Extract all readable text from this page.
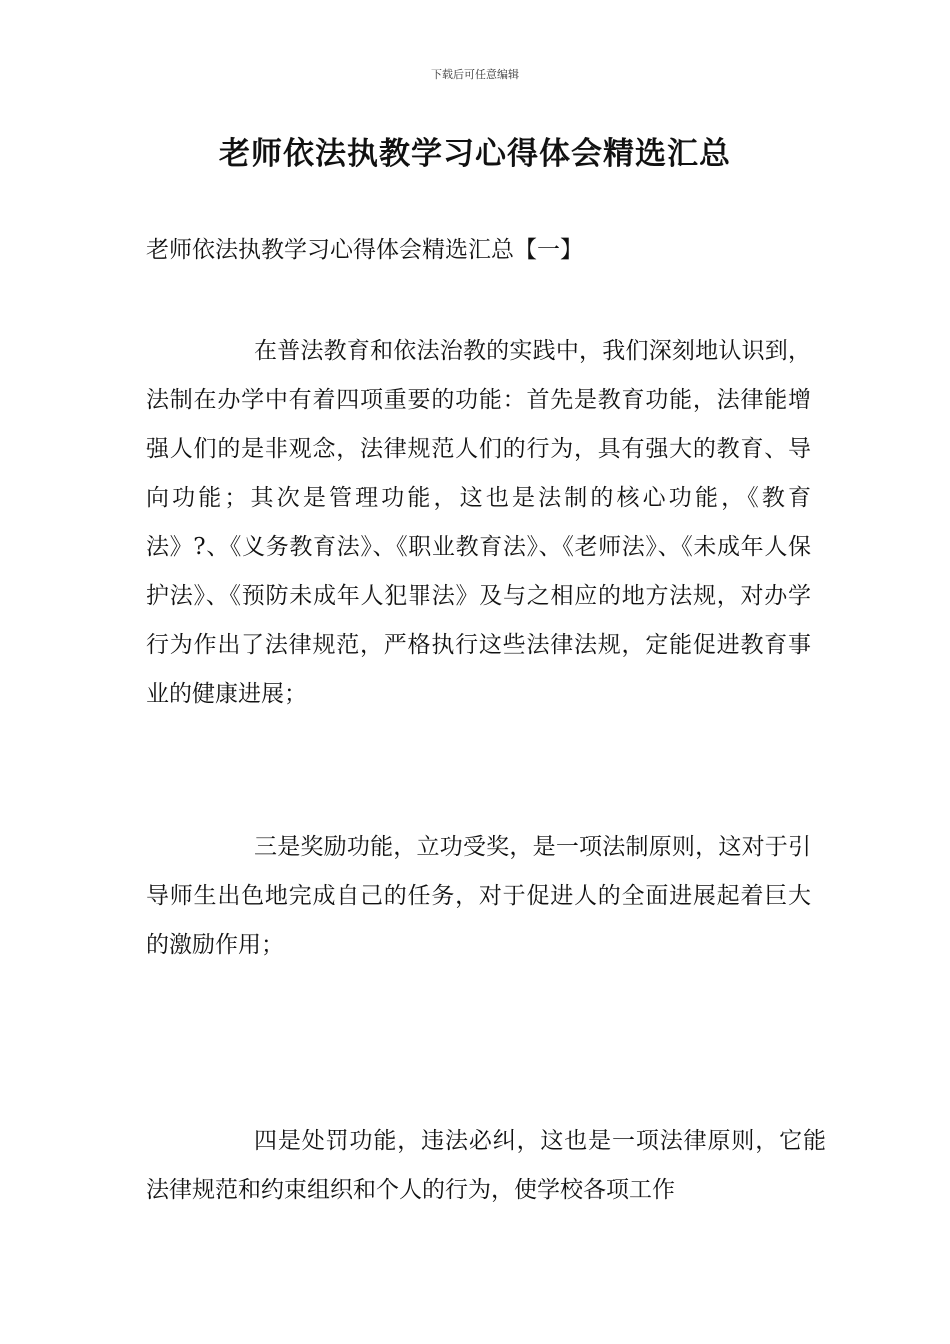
下载后可任意编辑
老师依法执教学习心得体会精选汇总
老师依法执教学习心得体会精选汇总【一】

在普法教育和依法治教的实践中，我们深刻地认识到，法制在办学中有着四项重要的功能：首先是教育功能，法律能增强人们的是非观念，法律规范人们的行为，具有强大的教育、导向功能；其次是管理功能，这也是法制的核心功能，《教育法》?、《义务教育法》、《职业教育法》、《老师法》、《未成年人保护法》、《预防未成年人犯罪法》及与之相应的地方法规，对办学行为作出了法律规范，严格执行这些法律法规，定能促进教育事业的健康进展；

三是奖励功能，立功受奖，是一项法制原则，这对于引导师生出色地完成自己的任务，对于促进人的全面进展起着巨大的激励作用；

四是处罚功能，违法必纠，这也是一项法律原则，它能法律规范和约束组织和个人的行为，使学校各项工作
